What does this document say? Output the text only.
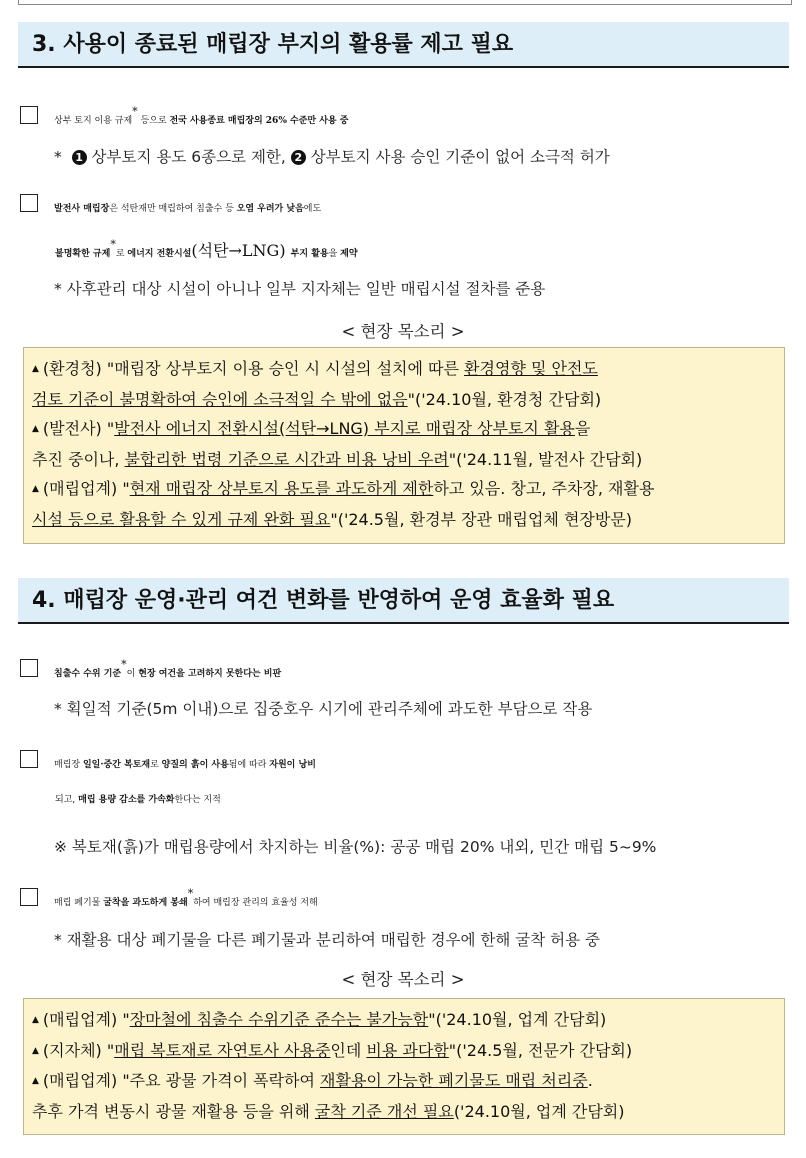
3. 사용이 종료된 매립장 부지의 활용률 제고 필요
상부 토지 이용 규제* 등으로 전국 사용종료 매립장의 26% 수준만 사용 중
* 1 상부토지 용도 6종으로 제한, 2 상부토지 사용 승인 기준이 없어 소극적 허가
발전사 매립장은 석탄재만 매립하여 침출수 등 오염 우려가 낮음에도
불명확한 규제*로 에너지 전환시설(석탄→LNG) 부지 활용을 제약
* 사후관리 대상 시설이 아니나 일부 지자체는 일반 매립시설 절차를 준용
< 현장 목소리 >
▲ (환경청) "매립장 상부토지 이용 승인 시 시설의 설치에 따른 환경영향 및 안전도
검토 기준이 불명확하여 승인에 소극적일 수 밖에 없음"('24.10월, 환경청 간담회)
▲ (발전사) "발전사 에너지 전환시설(석탄→LNG) 부지로 매립장 상부토지 활용을
추진 중이나, 불합리한 법령 기준으로 시간과 비용 낭비 우려"('24.11월, 발전사 간담회)
▲ (매립업계) "현재 매립장 상부토지 용도를 과도하게 제한하고 있음. 창고, 주차장, 재활용
시설 등으로 활용할 수 있게 규제 완화 필요"('24.5월, 환경부 장관 매립업체 현장방문)
4. 매립장 운영·관리 여건 변화를 반영하여 운영 효율화 필요
침출수 수위 기준*이 현장 여건을 고려하지 못한다는 비판
* 획일적 기준(5m 이내)으로 집중호우 시기에 관리주체에 과도한 부담으로 작용
매립장 일일·중간 복토재로 양질의 흙이 사용됨에 따라 자원이 낭비
되고, 매립 용량 감소를 가속화한다는 지적
※ 복토재(흙)가 매립용량에서 차지하는 비율(%): 공공 매립 20% 내외, 민간 매립 5~9%
매립 폐기물 굴착을 과도하게 봉쇄*하여 매립장 관리의 효율성 저해
* 재활용 대상 폐기물을 다른 폐기물과 분리하여 매립한 경우에 한해 굴착 허용 중
< 현장 목소리 >
▲ (매립업계) "장마철에 침출수 수위기준 준수는 불가능함"('24.10월, 업계 간담회)
▲ (지자체) "매립 복토재로 자연토사 사용중인데 비용 과다함"('24.5월, 전문가 간담회)
▲ (매립업계) "주요 광물 가격이 폭락하여 재활용이 가능한 폐기물도 매립 처리중.
추후 가격 변동시 광물 재활용 등을 위해 굴착 기준 개선 필요('24.10월, 업계 간담회)
